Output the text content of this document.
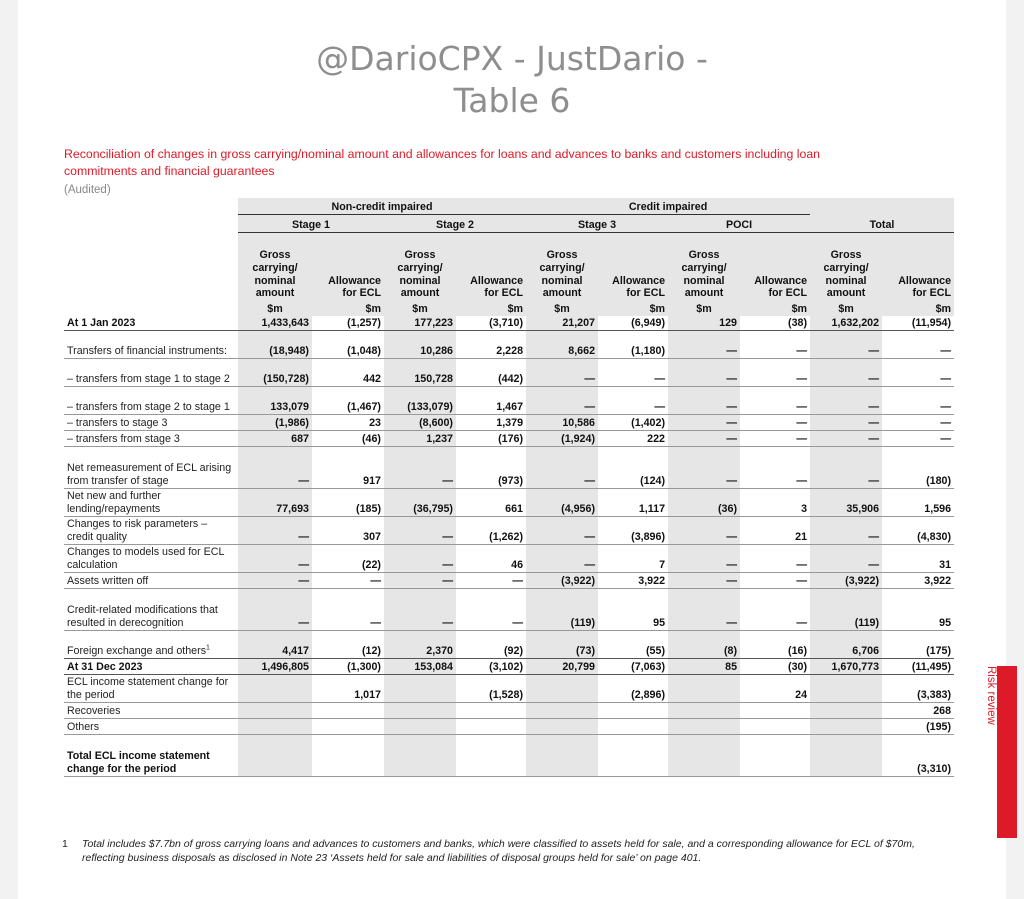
@DarioCPX - JustDario -
Table 6
Reconciliation of changes in gross carrying/nominal amount and allowances for loans and advances to banks and customers including loan commitments and financial guarantees
(Audited)
	Non-credit impaired				Credit impaired					
	Stage 1		Stage 2		Stage 3		POCI		Total	
	Gross carrying/ nominal amount	Allowance for ECL	Gross carrying/ nominal amount	Allowance for ECL	Gross carrying/ nominal amount	Allowance for ECL	Gross carrying/ nominal amount	Allowance for ECL	Gross carrying/ nominal amount	Allowance for ECL
	$m	$m	$m	$m	$m	$m	$m	$m	$m	$m
At 1 Jan 2023	1,433,643	(1,257)	177,223	(3,710)	21,207	(6,949)	129	(38)	1,632,202	(11,954)
Transfers of financial instruments:	(18,948)	(1,048)	10,286	2,228	8,662	(1,180)	—	—	—	—
– transfers from stage 1 to stage 2	(150,728)	442	150,728	(442)	—	—	—	—	—	—
– transfers from stage 2 to stage 1	133,079	(1,467)	(133,079)	1,467	—	—	—	—	—	—
– transfers to stage 3	(1,986)	23	(8,600)	1,379	10,586	(1,402)	—	—	—	—
– transfers from stage 3	687	(46)	1,237	(176)	(1,924)	222	—	—	—	—
Net remeasurement of ECL arising from transfer of stage	—	917	—	(973)	—	(124)	—	—	—	(180)
Net new and further lending/repayments	77,693	(185)	(36,795)	661	(4,956)	1,117	(36)	3	35,906	1,596
Changes to risk parameters – credit quality	—	307	—	(1,262)	—	(3,896)	—	21	—	(4,830)
Changes to models used for ECL calculation	—	(22)	—	46	—	7	—	—	—	31
Assets written off	—	—	—	—	(3,922)	3,922	—	—	(3,922)	3,922
Credit-related modifications that resulted in derecognition	—	—	—	—	(119)	95	—	—	(119)	95
Foreign exchange and others$^1$	4,417	(12)	2,370	(92)	(73)	(55)	(8)	(16)	6,706	(175)
At 31 Dec 2023	1,496,805	(1,300)	153,084	(3,102)	20,799	(7,063)	85	(30)	1,670,773	(11,495)
ECL income statement change for the period		1,017		(1,528)		(2,896)		24		(3,383)
Recoveries										268
Others										(195)
Total ECL income statement change for the period										(3,310)
1 Total includes $7.7bn of gross carrying loans and advances to customers and banks, which were classified to assets held for sale, and a corresponding allowance for ECL of $70m, reflecting business disposals as disclosed in Note 23 ‘Assets held for sale and liabilities of disposal groups held for sale’ on page 401.
Risk review
